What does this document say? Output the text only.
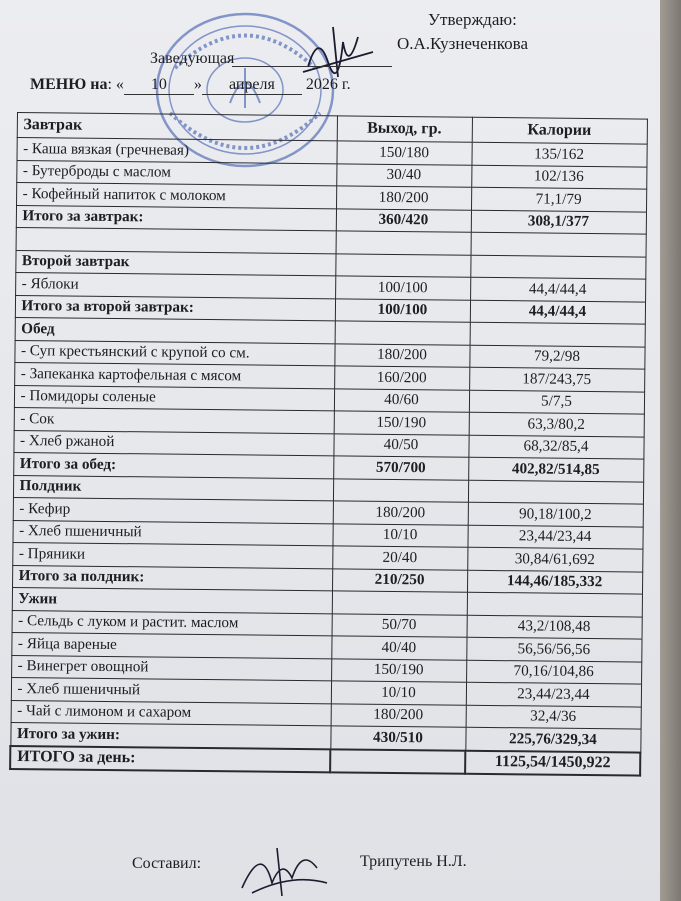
Утверждаю:
Заведующая
О.А.Кузнеченкова
МЕНЮ на: « 10 » апреля 2026 г.
Завтрак	Выход, гр.	Калории
- Каша вязкая (гречневая)	150/180	135/162
- Бутерброды с маслом	30/40	102/136
- Кофейный напиток с молоком	180/200	71,1/79
Итого за завтрак:	360/420	308,1/377

Второй завтрак		
- Яблоки	100/100	44,4/44,4
Итого за второй завтрак:	100/100	44,4/44,4
Обед		
- Суп крестьянский с крупой со см.	180/200	79,2/98
- Запеканка картофельная с мясом	160/200	187/243,75
- Помидоры соленые	40/60	5/7,5
- Сок	150/190	63,3/80,2
- Хлеб ржаной	40/50	68,32/85,4
Итого за обед:	570/700	402,82/514,85
Полдник		
- Кефир	180/200	90,18/100,2
- Хлеб пшеничный	10/10	23,44/23,44
- Пряники	20/40	30,84/61,692
Итого за полдник:	210/250	144,46/185,332
Ужин		
- Сельдь с луком и растит. маслом	50/70	43,2/108,48
- Яйца вареные	40/40	56,56/56,56
- Винегрет овощной	150/190	70,16/104,86
- Хлеб пшеничный	10/10	23,44/23,44
- Чай с лимоном и сахаром	180/200	32,4/36
Итого за ужин:	430/510	225,76/329,34
ИТОГО за день:		1125,54/1450,922
Составил:	Трипутень Н.Л.
